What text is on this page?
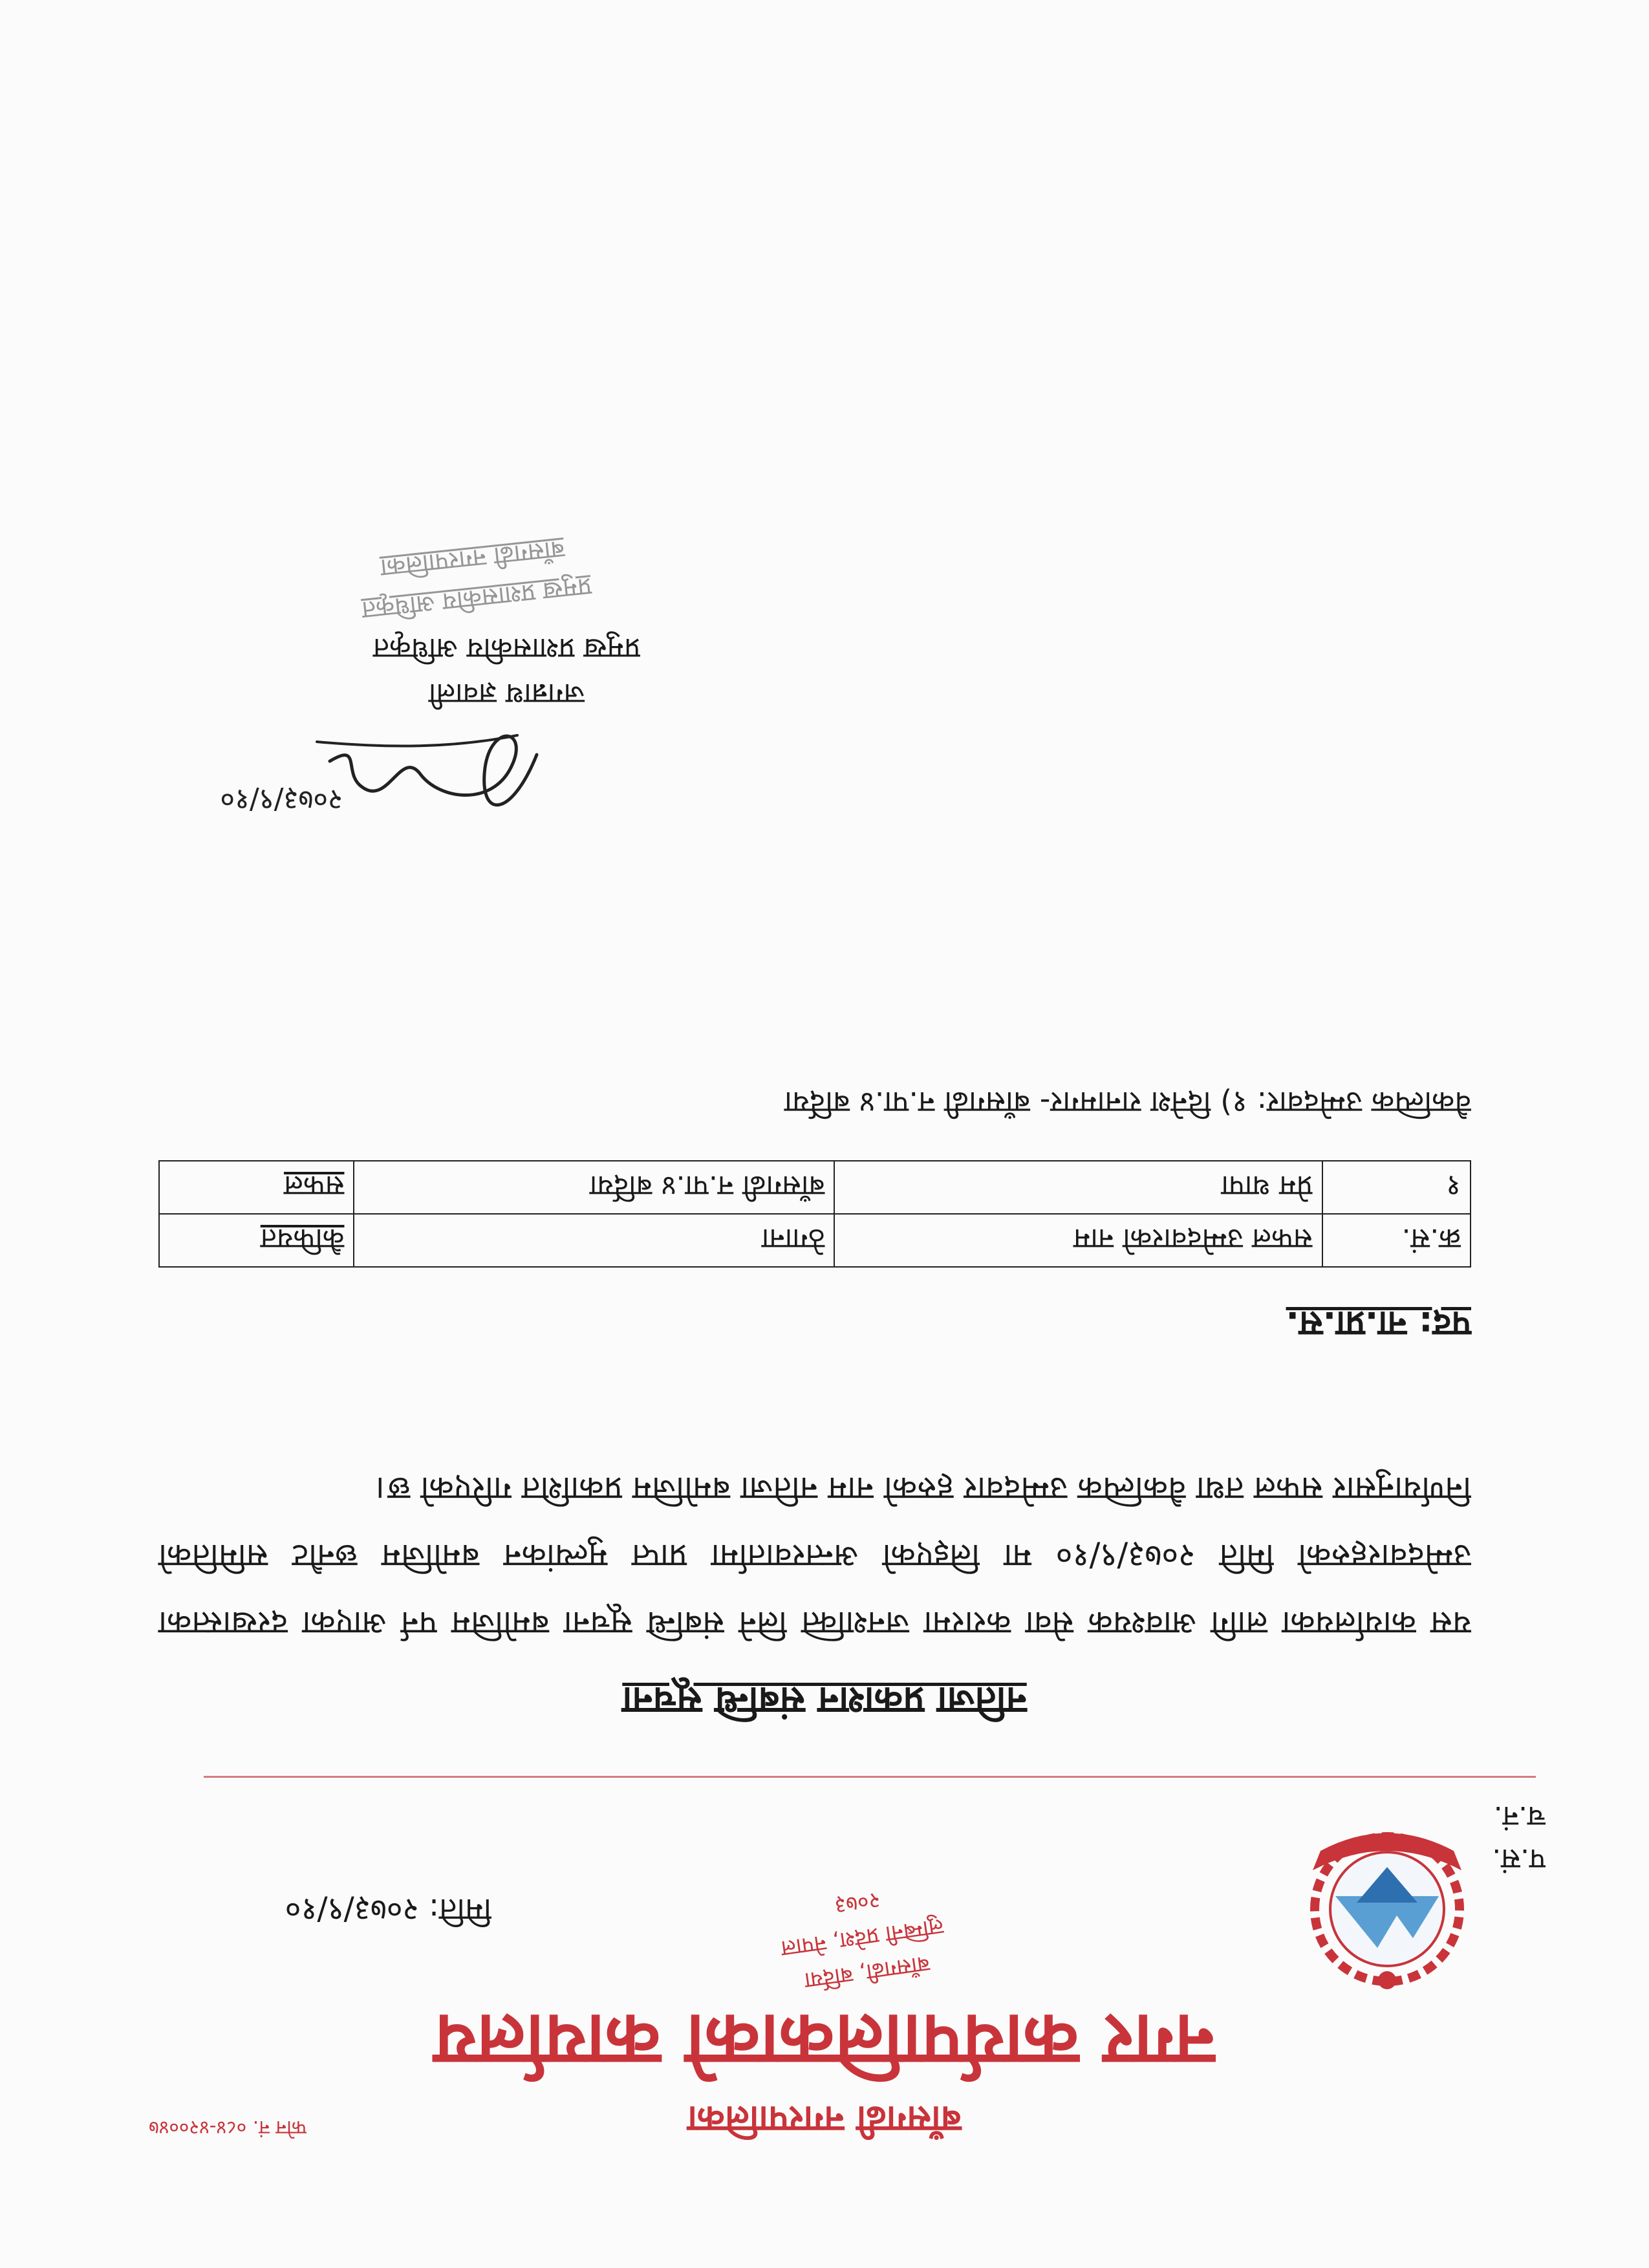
फोन नं. ०८४-४२००४७	बाँसगढी नगरपालिका
नगर कार्यपालिकाको कार्यालय
बाँसगढी, बर्दिया
लुम्बिनी प्रदेश, नेपाल
२०७३
प.सं.
च.नं.
मिति: २०७३/९/१०
नतिजा प्रकाशन संबन्धि सूचना
यस कार्यालयका लागि आवश्यक सेवा करारमा जनशक्ति लिने संबन्धि सूचना बमोजिम पर्न आएका दरखास्तका उम्मेदवारहरुको मिति २०७३/९/१० मा लिइएको अन्तरवार्तामा प्राप्त मुल्यांकन बमोजिम छनौट समितिको निर्णयानुसार सफल तथा वैकल्पिक उम्मेदवार हरुको नाम नतिजा बमोजिम प्रकाशित गरिएको छ।
पद: ना.प्रा.स.
क्र.सं.	सफल उम्मेदवारको नाम	ठेगाना	कैफियत
१	प्रेम थापा	बाँसगढी न.पा.४ बर्दिया	सफल
वैकल्पिक उम्मेदवार: १) दिनेश रानामगर- बाँसगढी न.पा.४ बर्दिया
२०७३/९/१०
जगन्नाथ ज्ञवाली
प्रमुख प्रशासकीय अधिकृत
प्रमुख प्रशासकीय अधिकृत
बाँसगढी नगरपालिका
